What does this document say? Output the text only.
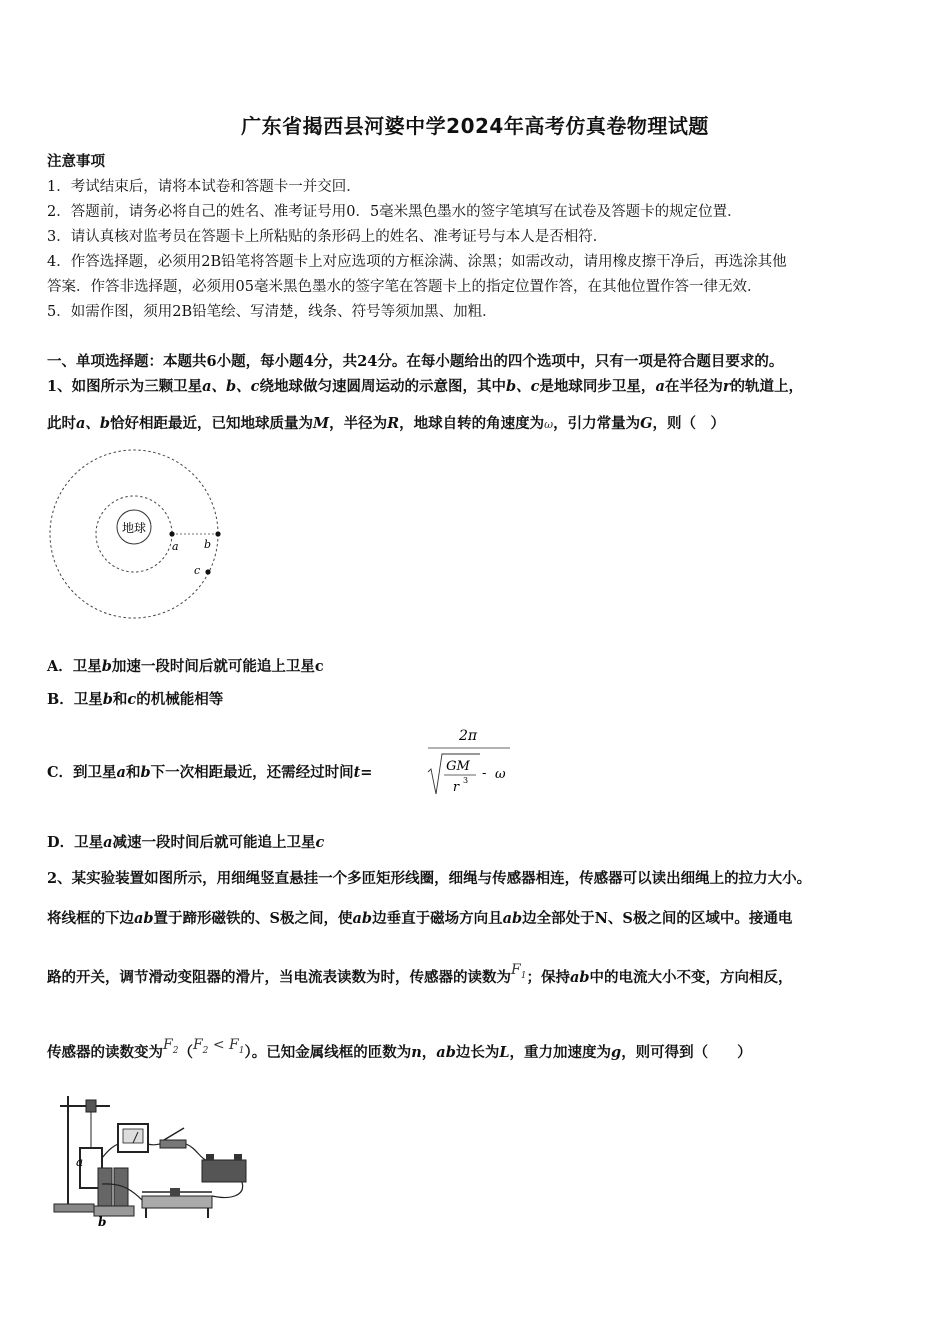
广东省揭西县河婆中学2024年高考仿真卷物理试题
注意事项
1．考试结束后，请将本试卷和答题卡一并交回．
2．答题前，请务必将自己的姓名、准考证号用0．5毫米黑色墨水的签字笔填写在试卷及答题卡的规定位置．
3．请认真核对监考员在答题卡上所粘贴的条形码上的姓名、准考证号与本人是否相符．
4．作答选择题，必须用2B铅笔将答题卡上对应选项的方框涂满、涂黑；如需改动，请用橡皮擦干净后，再选涂其他
答案．作答非选择题，必须用05毫米黑色墨水的签字笔在答题卡上的指定位置作答，在其他位置作答一律无效．
5．如需作图，须用2B铅笔绘、写清楚，线条、符号等须加黑、加粗．
一、单项选择题：本题共6小题，每小题4分，共24分。在每小题给出的四个选项中，只有一项是符合题目要求的。
1、如图所示为三颗卫星a、b、c绕地球做匀速圆周运动的示意图，其中b、c是地球同步卫星，a在半径为r的轨道上，
此时a、b恰好相距最近，已知地球质量为M，半径为R，地球自转的角速度为ω，引力常量为G，则（　）
地球
a b
c
A．卫星b加速一段时间后就可能追上卫星c
B．卫星b和c的机械能相等
C．到卫星a和b下一次相距最近，还需经过时间t=
2π
GM
r 3 - ω
D．卫星a减速一段时间后就可能追上卫星c
2、某实验装置如图所示，用细绳竖直悬挂一个多匝矩形线圈，细绳与传感器相连，传感器可以读出细绳上的拉力大小。
将线框的下边ab置于蹄形磁铁的、S极之间，使ab边垂直于磁场方向且ab边全部处于N、S极之间的区域中。接通电
路的开关，调节滑动变阻器的滑片，当电流表读数为时，传感器的读数为$F_1$；保持ab中的电流大小不变，方向相反，
传感器的读数变为$F_2(F_2 < F_1)$。已知金属线框的匝数为n，ab边长为L，重力加速度为g，则可得到（　　）
a
b
